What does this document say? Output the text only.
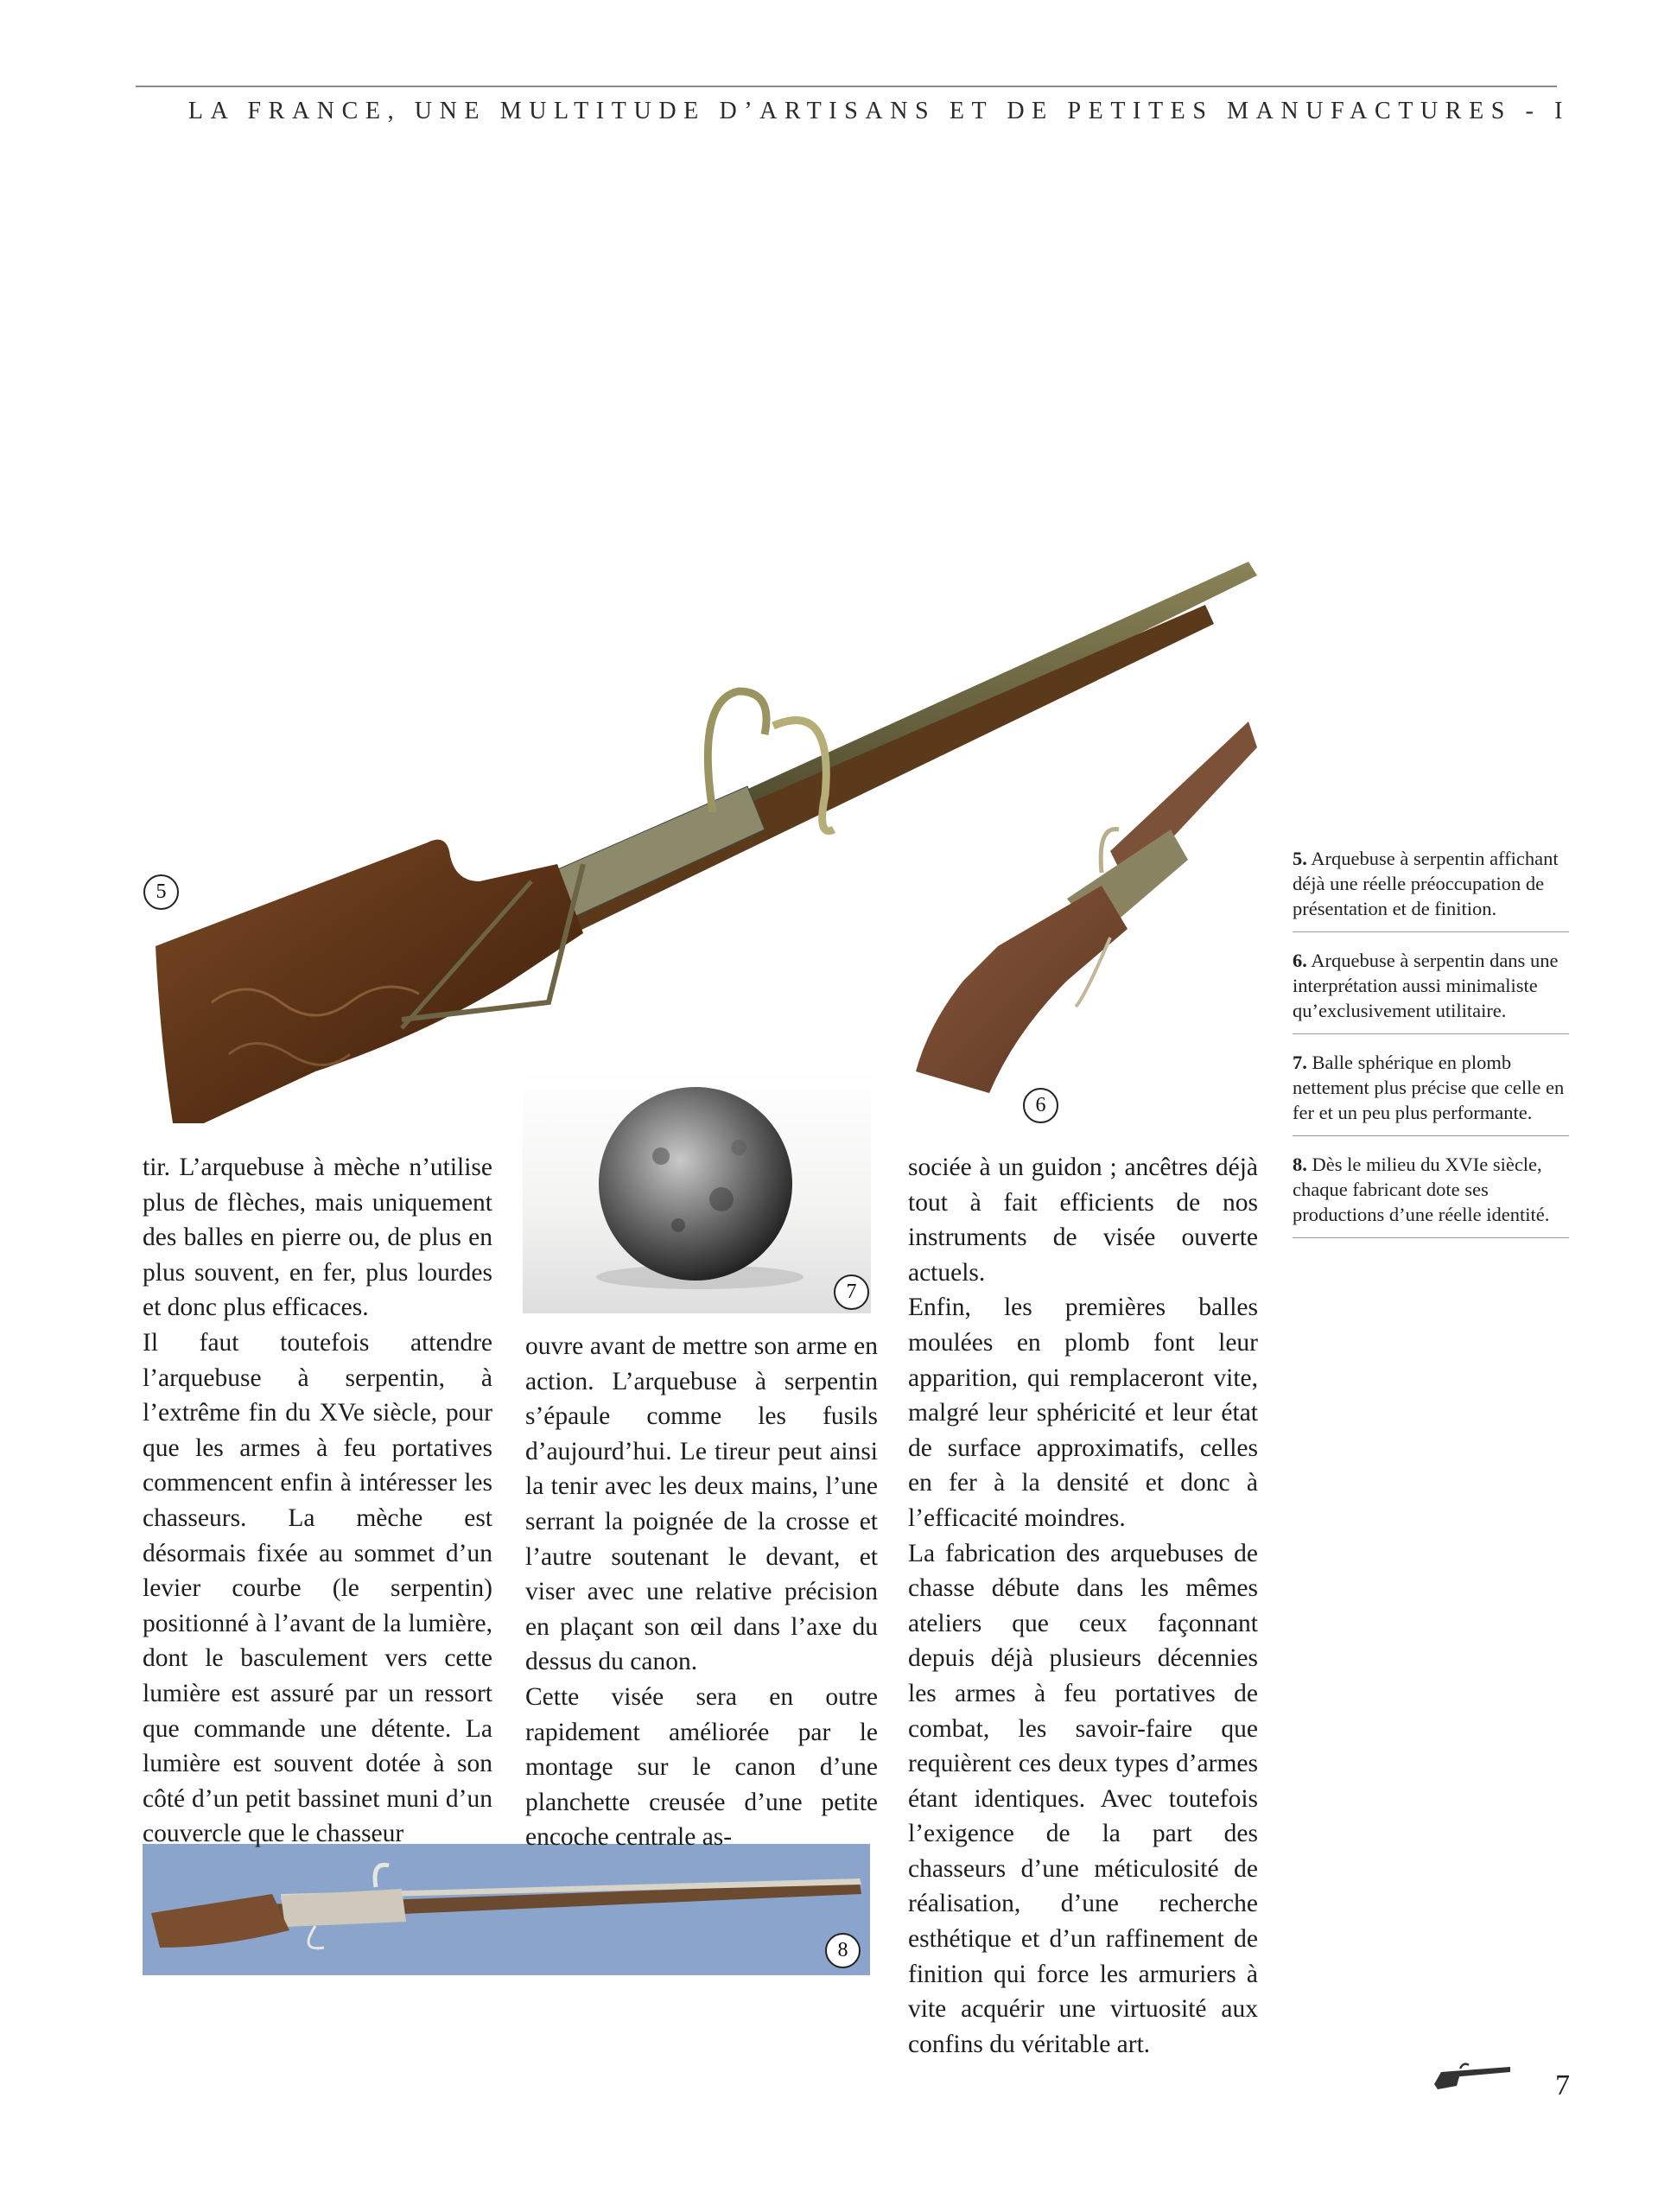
LA FRANCE, UNE MULTITUDE D’ARTISANS ET DE PETITES MANUFACTURES - I
5
6
7
8

tir. L’arquebuse à mèche n’utilise plus de flèches, mais uniquement des balles en pierre ou, de plus en plus souvent, en fer, plus lourdes et donc plus efficaces.

Il faut toutefois attendre l’arquebuse à serpentin, à l’extrême fin du XVe siècle, pour que les armes à feu portatives commencent enfin à intéresser les chasseurs. La mèche est désormais fixée au sommet d’un levier courbe (le serpentin) positionné à l’avant de la lumière, dont le basculement vers cette lumière est assuré par un ressort que commande une détente. La lumière est souvent dotée à son côté d’un petit bassinet muni d’un couvercle que le chasseur

ouvre avant de mettre son arme en action. L’arquebuse à serpentin s’épaule comme les fusils d’aujourd’hui. Le tireur peut ainsi la tenir avec les deux mains, l’une serrant la poignée de la crosse et l’autre soutenant le devant, et viser avec une relative précision en plaçant son œil dans l’axe du dessus du canon.

Cette visée sera en outre rapidement améliorée par le montage sur le canon d’une planchette creusée d’une petite encoche centrale as-

sociée à un guidon ; ancêtres déjà tout à fait efficients de nos instruments de visée ouverte actuels.

Enfin, les premières balles moulées en plomb font leur apparition, qui remplaceront vite, malgré leur sphéricité et leur état de surface approximatifs, celles en fer à la densité et donc à l’efficacité moindres.

La fabrication des arquebuses de chasse débute dans les mêmes ateliers que ceux façonnant depuis déjà plusieurs décennies les armes à feu portatives de combat, les savoir-faire que requièrent ces deux types d’armes étant identiques. Avec toutefois l’exigence de la part des chasseurs d’une méticulosité de réalisation, d’une recherche esthétique et d’un raffinement de finition qui force les armuriers à vite acquérir une virtuosité aux confins du véritable art.

5. Arquebuse à serpentin affichant déjà une réelle préoccupation de présentation et de finition.
6. Arquebuse à serpentin dans une interprétation aussi minimaliste qu’exclusivement utilitaire.
7. Balle sphérique en plomb nettement plus précise que celle en fer et un peu plus performante.
8. Dès le milieu du XVIe siècle, chaque fabricant dote ses productions d’une réelle identité.
7
